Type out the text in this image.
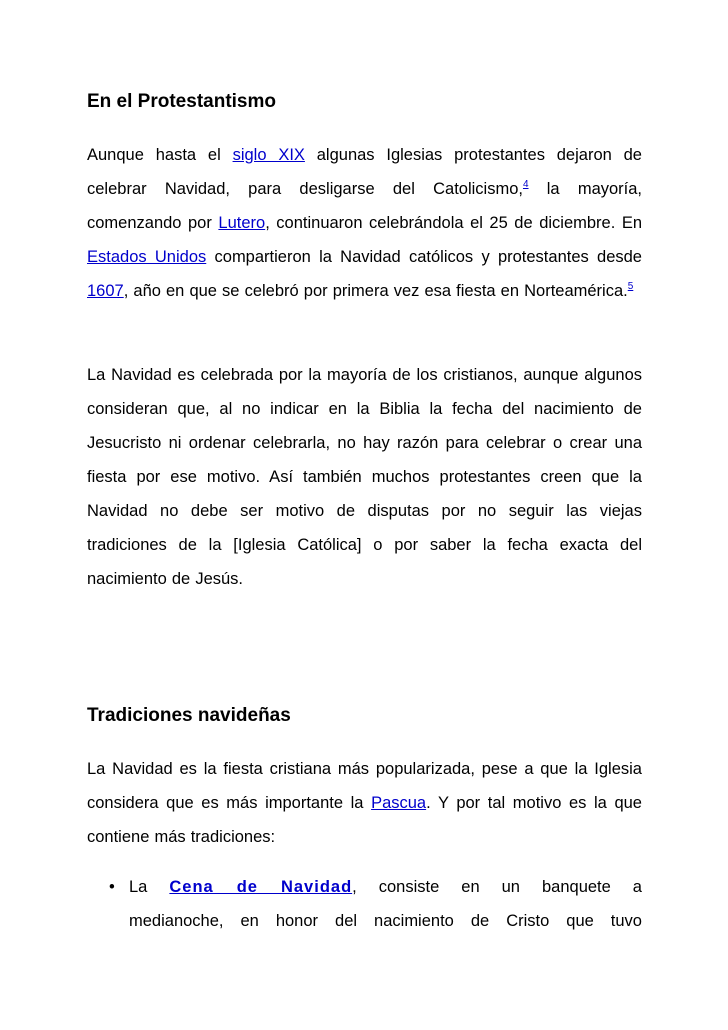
En el Protestantismo

Aunque hasta el siglo XIX algunas Iglesias protestantes dejaron de celebrar Navidad, para desligarse del Catolicismo,$^4$ la mayoría, comenzando por Lutero, continuaron celebrándola el 25 de diciembre. En Estados Unidos compartieron la Navidad católicos y protestantes desde 1607, año en que se celebró por primera vez esa fiesta en Norteamérica.$^5$

La Navidad es celebrada por la mayoría de los cristianos, aunque algunos consideran que, al no indicar en la Biblia la fecha del nacimiento de Jesucristo ni ordenar celebrarla, no hay razón para celebrar o crear una fiesta por ese motivo. Así también muchos protestantes creen que la Navidad no debe ser motivo de disputas por no seguir las viejas tradiciones de la [Iglesia Católica] o por saber la fecha exacta del nacimiento de Jesús.

Tradiciones navideñas

La Navidad es la fiesta cristiana más popularizada, pese a que la Iglesia considera que es más importante la Pascua. Y por tal motivo es la que contiene más tradiciones:

• La Cena de Navidad, consiste en un banquete a

medianoche, en honor del nacimiento de Cristo que tuvo
